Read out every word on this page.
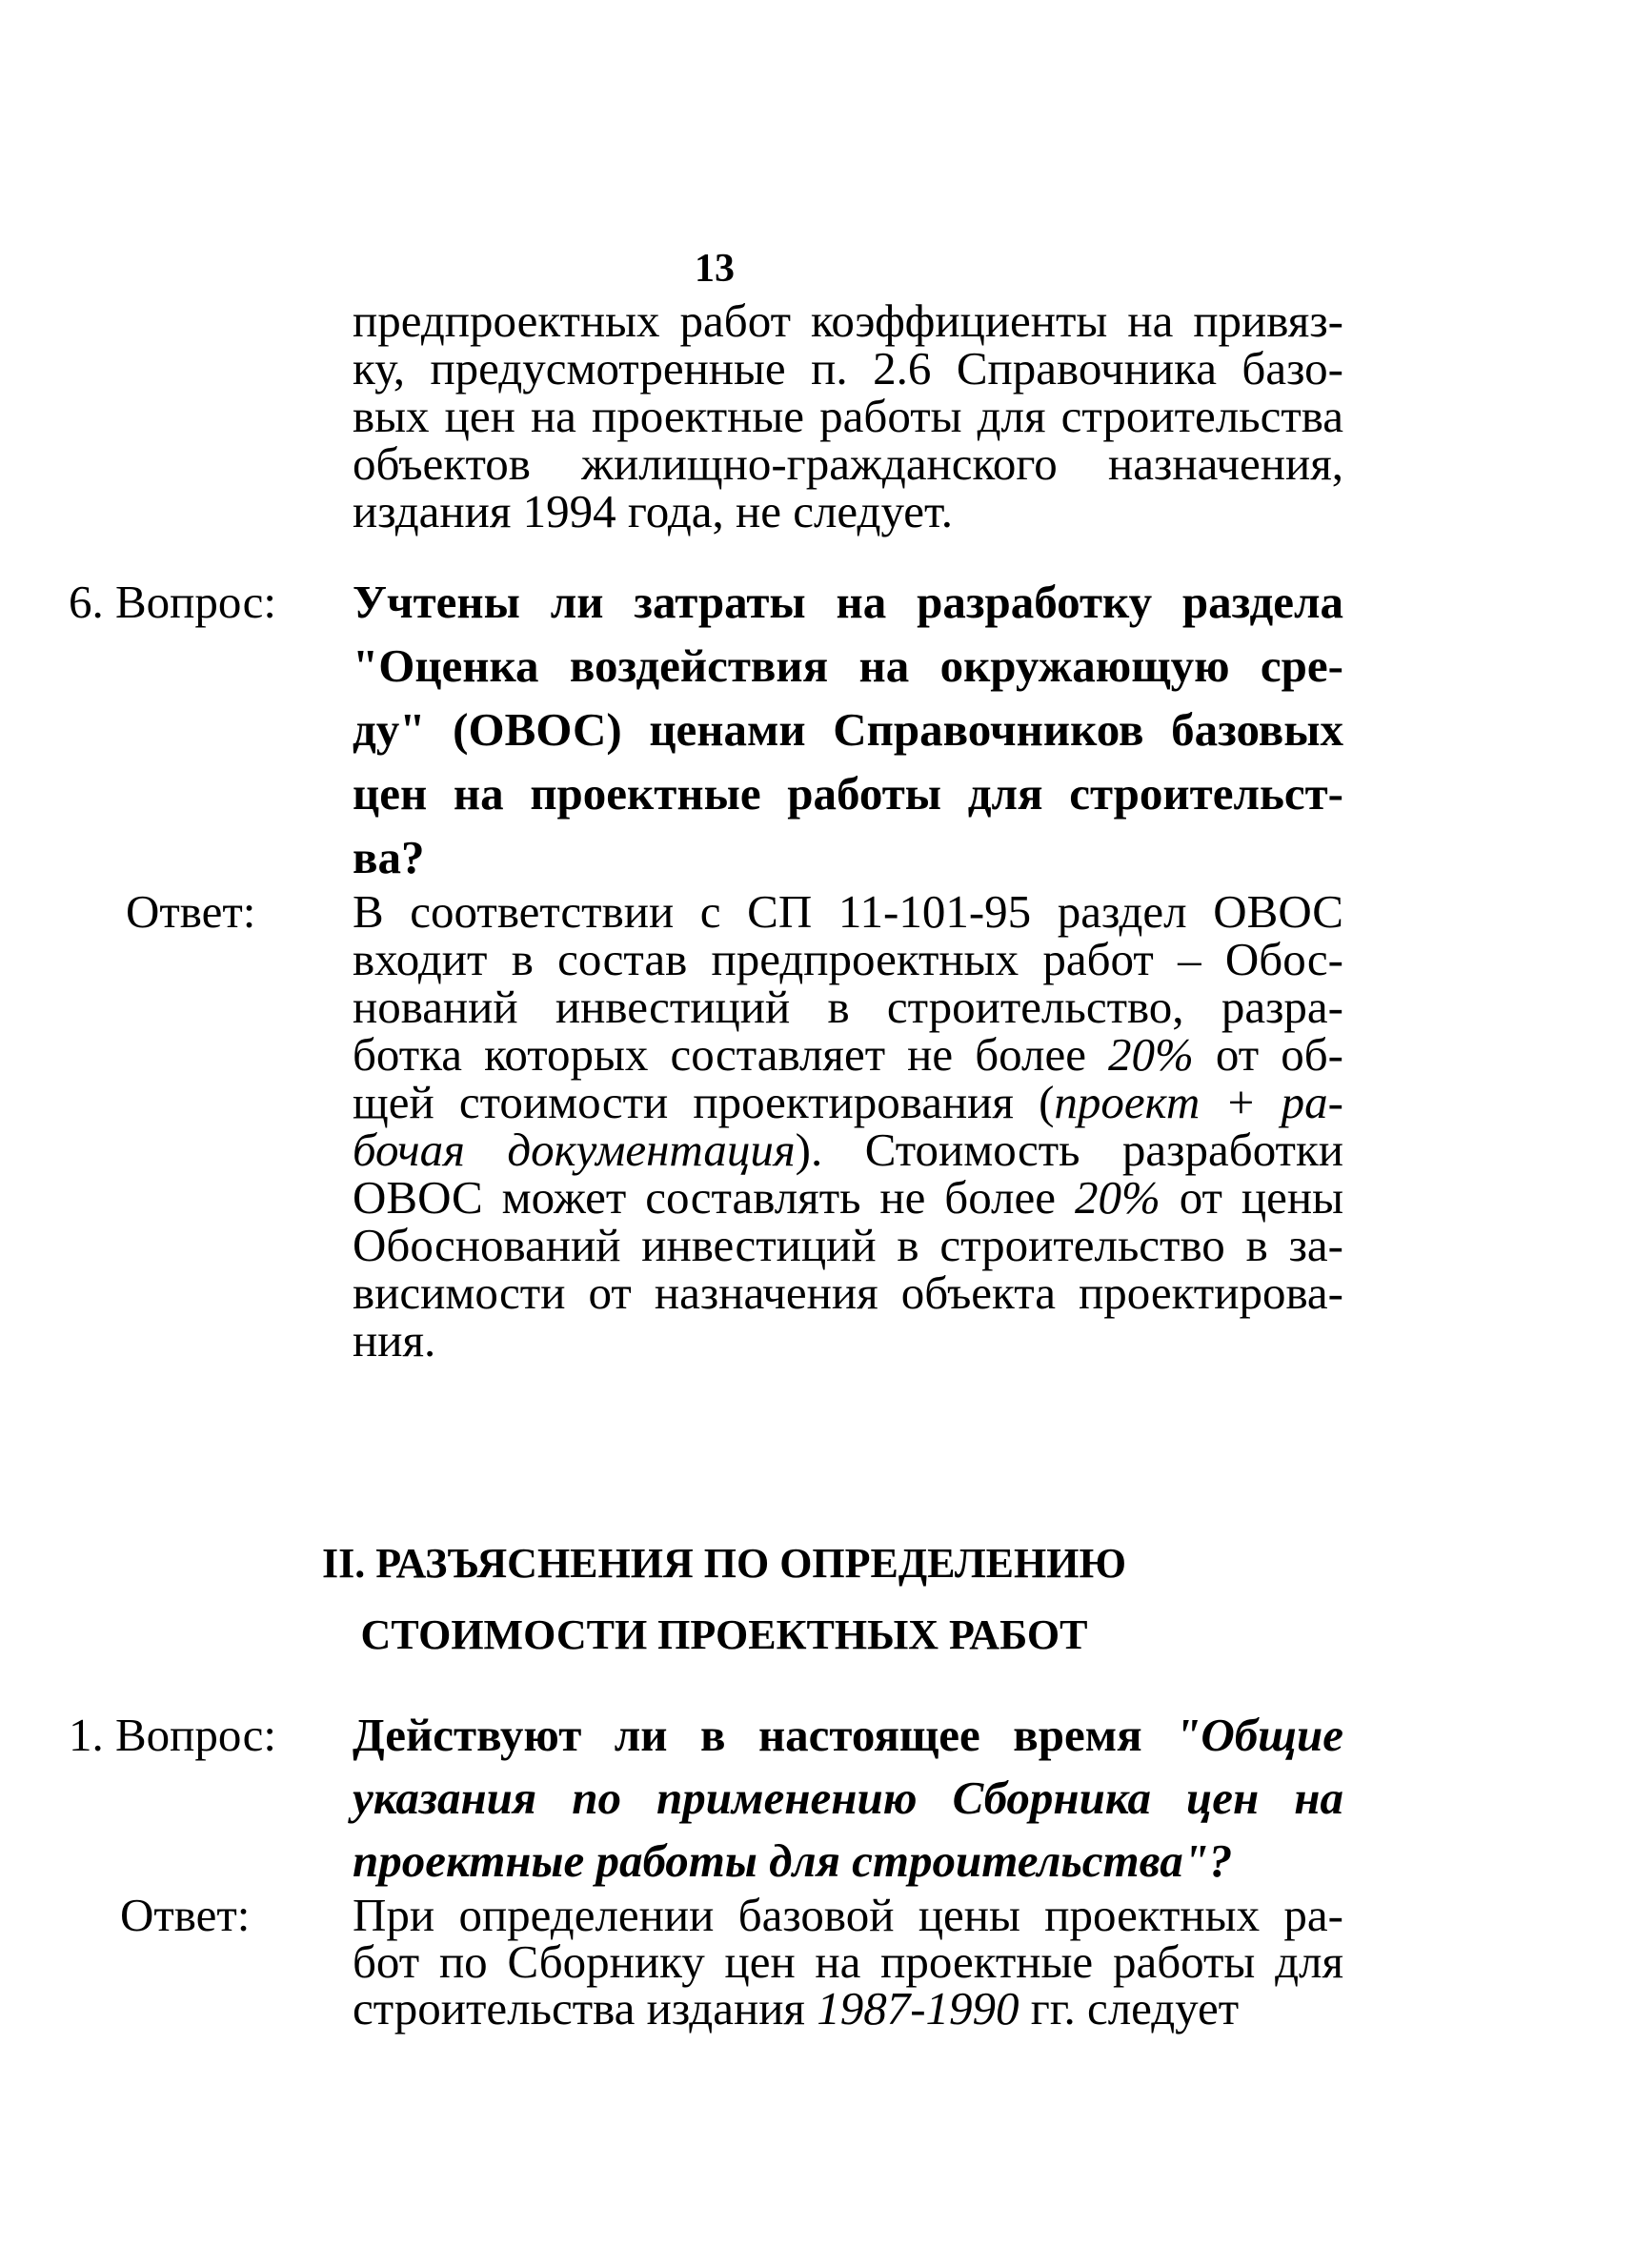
13
предпроектных работ коэффициенты на привяз-
ку, предусмотренные п. 2.6 Справочника базо-
вых цен на проектные работы для строительства
объектов жилищно-гражданского назначения,
издания 1994 года, не следует.
6. Вопрос: Учтены ли затраты на разработку раздела
"Оценка воздействия на окружающую сре-
ду" (ОВОС) ценами Справочников базовых
цен на проектные работы для строительст-
ва?
Ответ: В соответствии с СП 11-101-95 раздел ОВОС
входит в состав предпроектных работ – Обос-
нований инвестиций в строительство, разра-
ботка которых составляет не более 20% от об-
щей стоимости проектирования (проект + ра-
бочая документация). Стоимость разработки
ОВОС может составлять не более 20% от цены
Обоснований инвестиций в строительство в за-
висимости от назначения объекта проектирова-
ния.
II. РАЗЪЯСНЕНИЯ ПО ОПРЕДЕЛЕНИЮ
СТОИМОСТИ ПРОЕКТНЫХ РАБОТ
1. Вопрос: Действуют ли в настоящее время "Общие
указания по применению Сборника цен на
проектные работы для строительства"?
Ответ: При определении базовой цены проектных ра-
бот по Сборнику цен на проектные работы для
строительства издания 1987-1990 гг. следует
